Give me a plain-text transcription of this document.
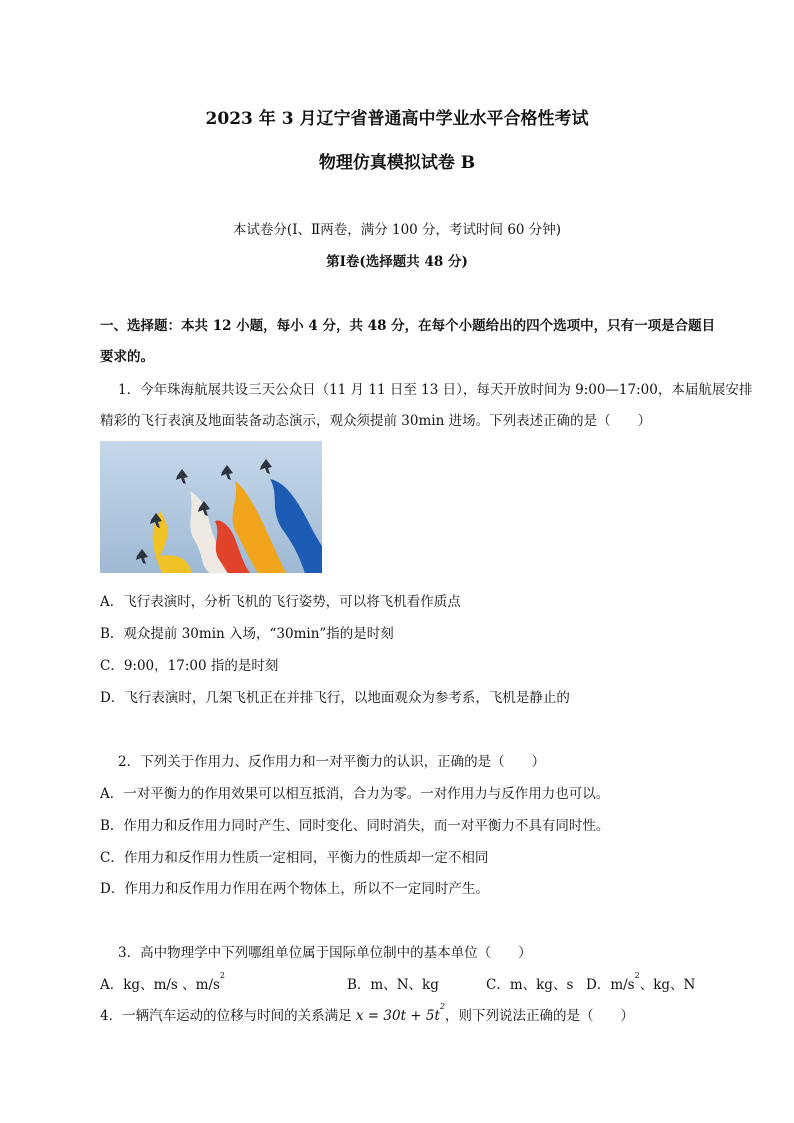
2023 年 3 月辽宁省普通高中学业水平合格性考试
物理仿真模拟试卷 B
本试卷分(Ⅰ、Ⅱ两卷，满分 100 分，考试时间 60 分钟)
第Ⅰ卷(选择题共 48 分)
一、选择题：本共 12 小题，每小 4 分，共 48 分，在每个小题给出的四个选项中，只有一项是合题目
要求的。
1．今年珠海航展共设三天公众日（11 月 11 日至 13 日），每天开放时间为 9:00—17:00，本届航展安排
精彩的飞行表演及地面装备动态演示，观众须提前 30min 进场。下列表述正确的是（　　）
A．飞行表演时，分析飞机的飞行姿势，可以将飞机看作质点
B．观众提前 30min 入场，“30min”指的是时刻
C．9:00，17:00 指的是时刻
D．飞行表演时，几架飞机正在并排飞行，以地面观众为参考系，飞机是静止的
2．下列关于作用力、反作用力和一对平衡力的认识，正确的是（　　）
A．一对平衡力的作用效果可以相互抵消，合力为零。一对作用力与反作用力也可以。
B．作用力和反作用力同时产生、同时变化、同时消失，而一对平衡力不具有同时性。
C．作用力和反作用力性质一定相同，平衡力的性质却一定不相同
D．作用力和反作用力作用在两个物体上，所以不一定同时产生。
3．高中物理学中下列哪组单位属于国际单位制中的基本单位（　　）
A．kg、m/s 、$m/s^2$
B．m、N、kg	C．m、kg、s D．$m/s^2$、kg、N
4．一辆汽车运动的位移与时间的关系满足 $x = 30t + 5t^2$，则下列说法正确的是（　　）
